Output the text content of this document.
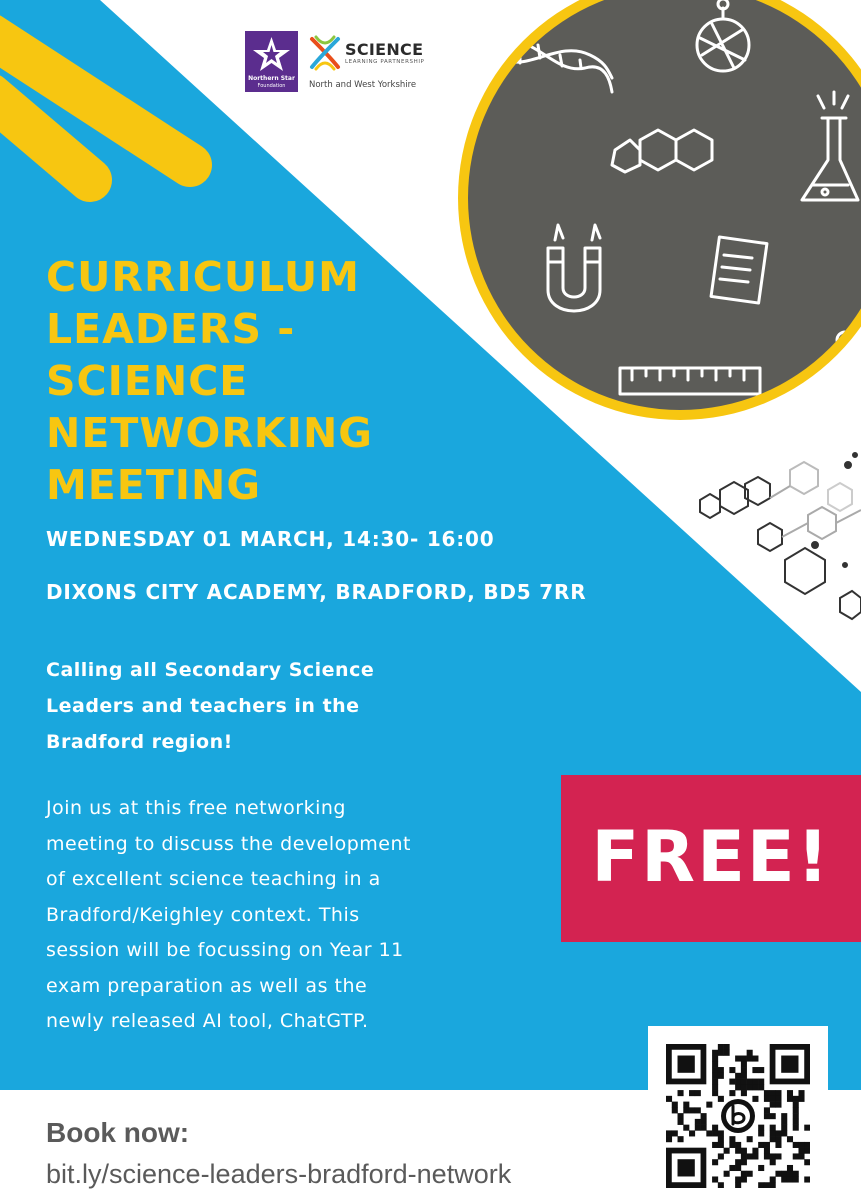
Northern Star
Foundation
SCIENCE
LEARNING PARTNERSHIP
North and West Yorkshire
CURRICULUM
LEADERS -
SCIENCE
NETWORKING
MEETING
WEDNESDAY 01 MARCH, 14:30- 16:00
DIXONS CITY ACADEMY, BRADFORD, BD5 7RR

Calling all Secondary Science
Leaders and teachers in the
Bradford region!

Join us at this free networking
meeting to discuss the development
of excellent science teaching in a
Bradford/Keighley context. This
session will be focussing on Year 11
exam preparation as well as the
newly released AI tool, ChatGTP.

FREE!
Book now:
bit.ly/science-leaders-bradford-network
